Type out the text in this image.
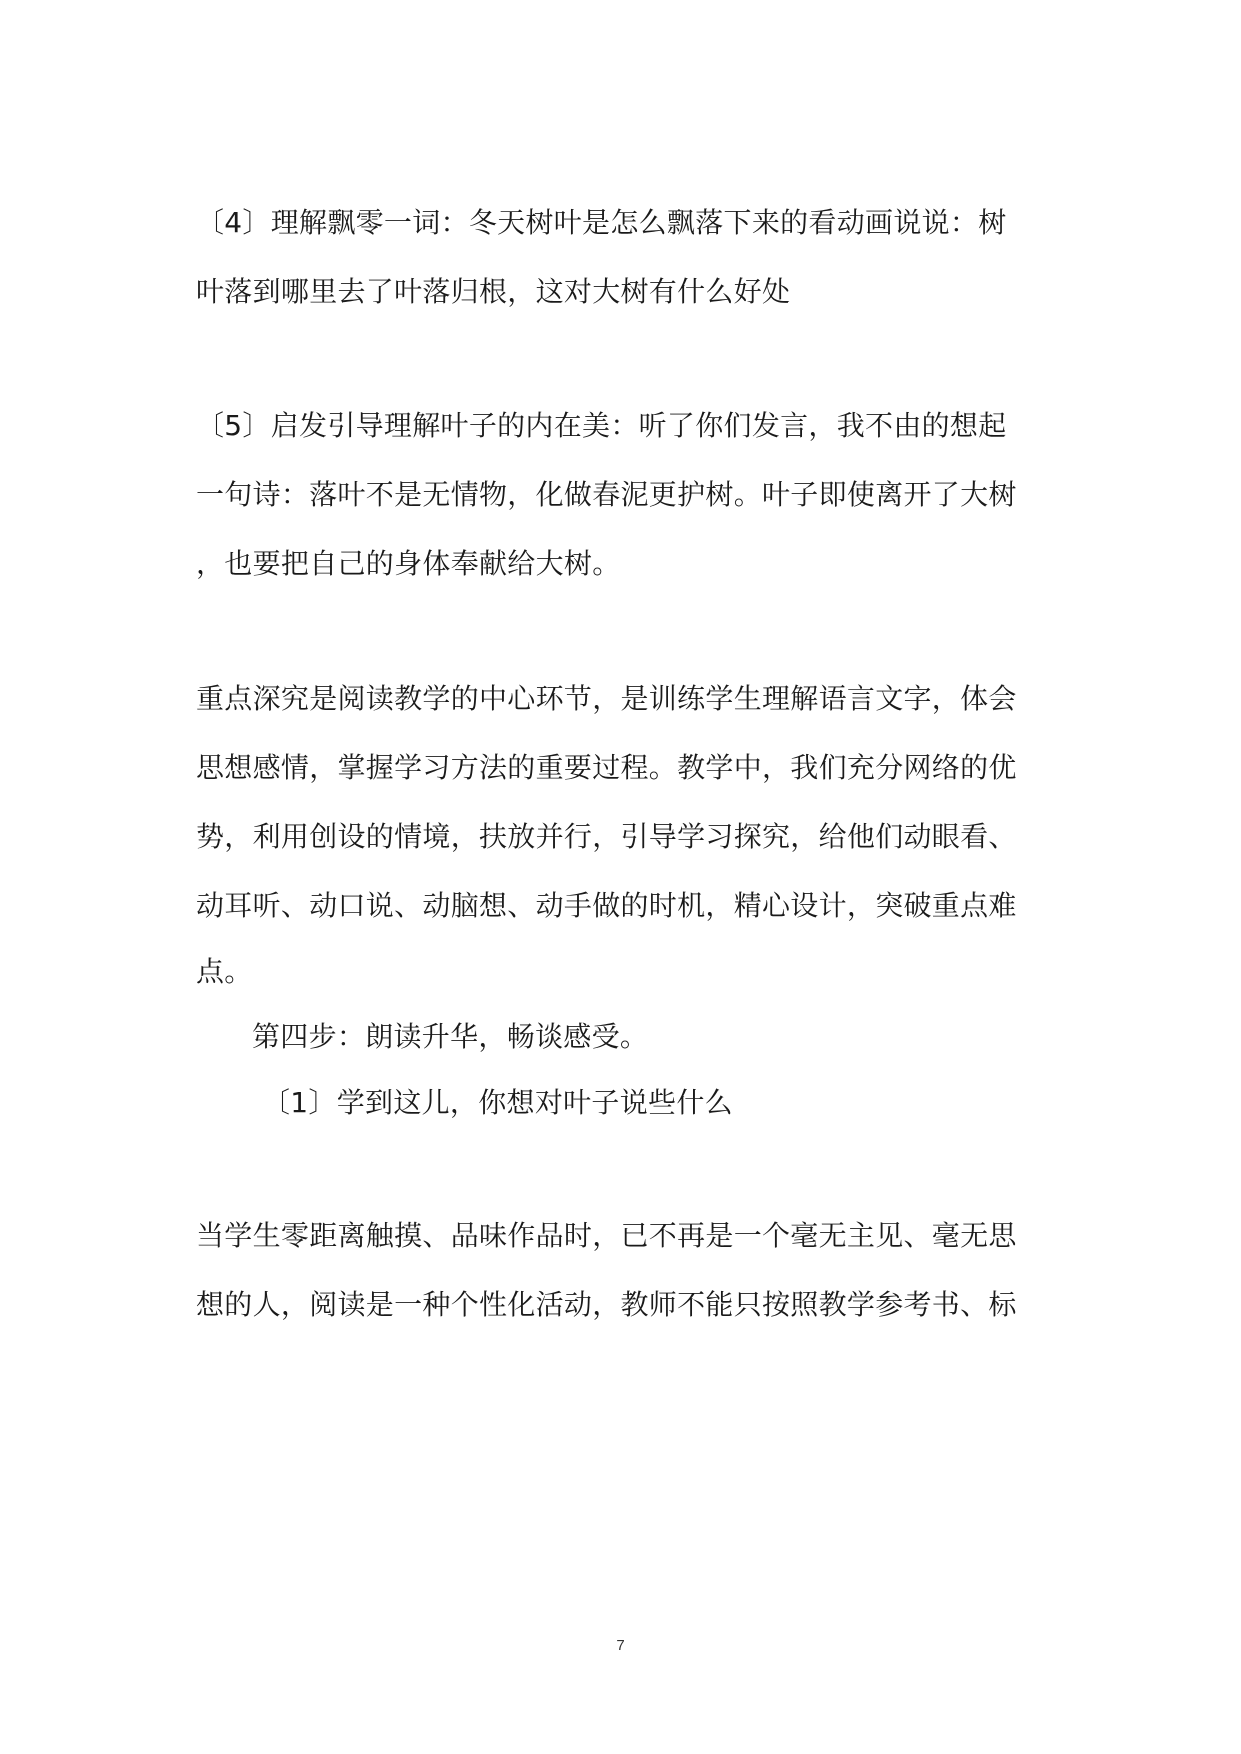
〔4〕理解飘零一词：冬天树叶是怎么飘落下来的看动画说说：树
叶落到哪里去了叶落归根，这对大树有什么好处
〔5〕启发引导理解叶子的内在美：听了你们发言，我不由的想起
一句诗：落叶不是无情物，化做春泥更护树。叶子即使离开了大树
，也要把自己的身体奉献给大树。
重点深究是阅读教学的中心环节，是训练学生理解语言文字，体会
思想感情，掌握学习方法的重要过程。教学中，我们充分网络的优
势，利用创设的情境，扶放并行，引导学习探究，给他们动眼看、
动耳听、动口说、动脑想、动手做的时机，精心设计，突破重点难
点。
第四步：朗读升华，畅谈感受。
〔1〕学到这儿，你想对叶子说些什么
当学生零距离触摸、品味作品时，已不再是一个毫无主见、毫无思
想的人，阅读是一种个性化活动，教师不能只按照教学参考书、标
7
